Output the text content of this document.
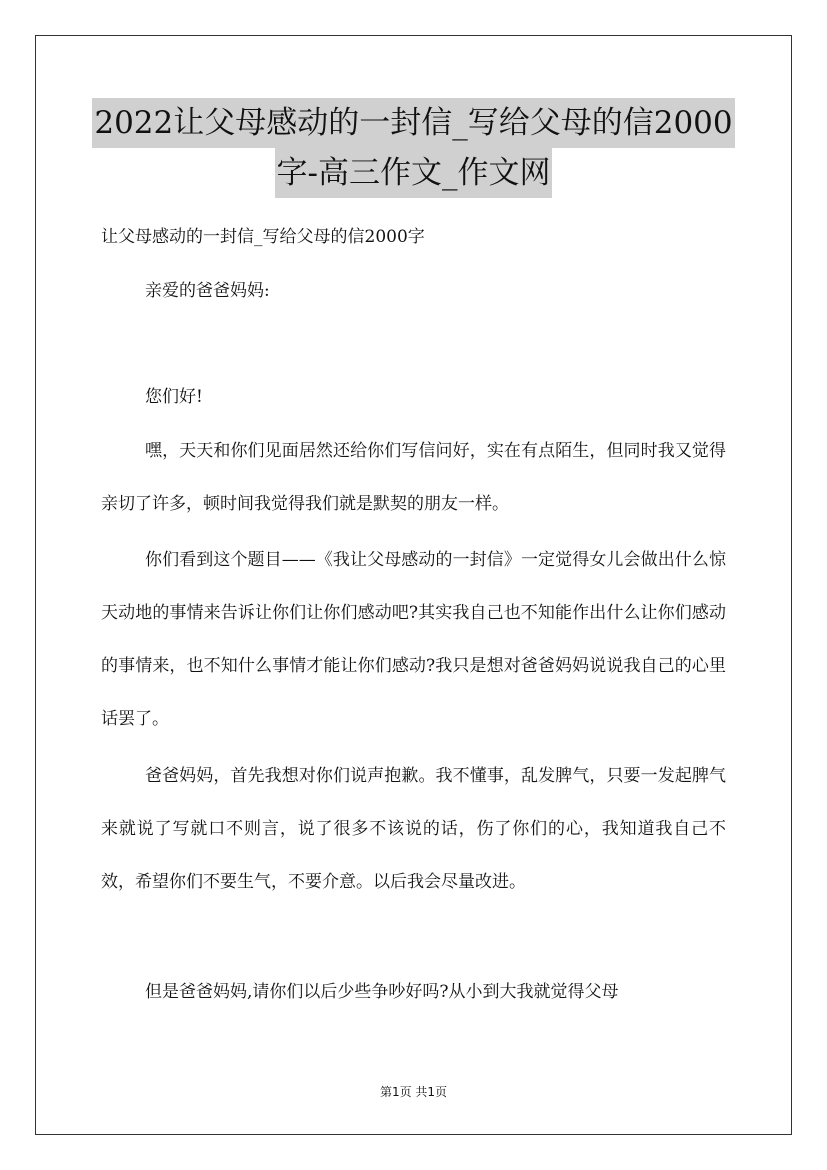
2022让父母感动的一封信_写给父母的信2000
字-高三作文_作文网
让父母感动的一封信_写给父母的信2000字
亲爱的爸爸妈妈:
您们好!
嘿，天天和你们见面居然还给你们写信问好，实在有点陌生，但同时我又觉得亲切了许多，顿时间我觉得我们就是默契的朋友一样。
你们看到这个题目——《我让父母感动的一封信》一定觉得女儿会做出什么惊天动地的事情来告诉让你们让你们感动吧?其实我自己也不知能作出什么让你们感动的事情来，也不知什么事情才能让你们感动?我只是想对爸爸妈妈说说我自己的心里话罢了。
爸爸妈妈，首先我想对你们说声抱歉。我不懂事，乱发脾气，只要一发起脾气来就说了写就口不则言，说了很多不该说的话，伤了你们的心，我知道我自己不效，希望你们不要生气，不要介意。以后我会尽量改进。
但是爸爸妈妈,请你们以后少些争吵好吗?从小到大我就觉得父母
第1页 共1页
